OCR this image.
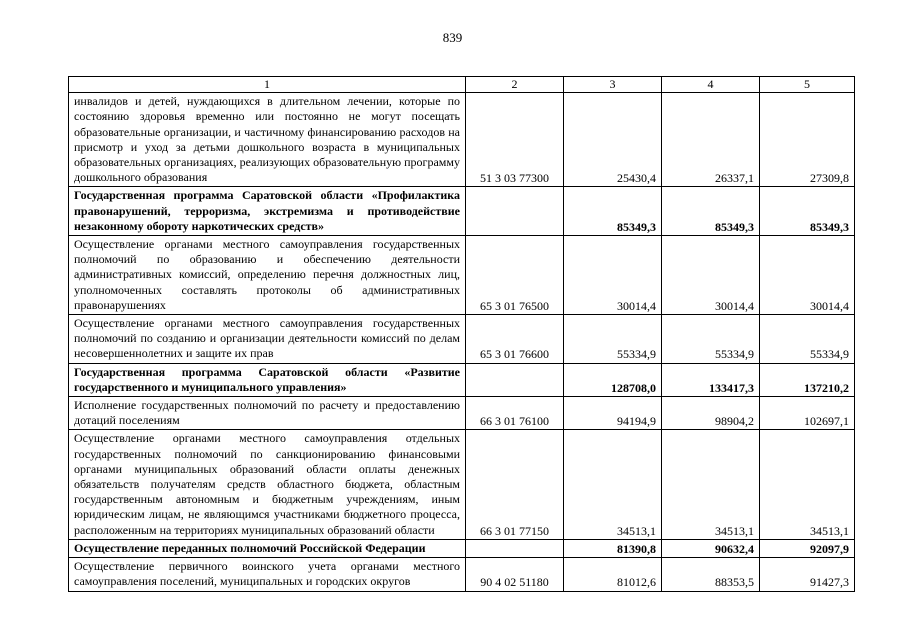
839
1	2	3	4	5
инвалидов и детей, нуждающихся в длительном лечении, которые по состоянию здоровья временно или постоянно не могут посещать образовательные организации, и частичному финансированию расходов на присмотр и уход за детьми дошкольного возраста в муниципальных образовательных организациях, реализующих образовательную программу дошкольного образования	51 3 03 77300	25430,4	26337,1	27309,8
Государственная программа Саратовской области «Профилактика правонарушений, терроризма, экстремизма и противодействие незаконному обороту наркотических средств»		85349,3	85349,3	85349,3
Осуществление органами местного самоуправления государственных полномочий по образованию и обеспечению деятельности административных комиссий, определению перечня должностных лиц, уполномоченных составлять протоколы об административных правонарушениях	65 3 01 76500	30014,4	30014,4	30014,4
Осуществление органами местного самоуправления государственных полномочий по созданию и организации деятельности комиссий по делам несовершеннолетних и защите их прав	65 3 01 76600	55334,9	55334,9	55334,9
Государственная программа Саратовской области «Развитие государственного и муниципального управления»		128708,0	133417,3	137210,2
Исполнение государственных полномочий по расчету и предоставлению дотаций поселениям	66 3 01 76100	94194,9	98904,2	102697,1
Осуществление органами местного самоуправления отдельных государственных полномочий по санкционированию финансовыми органами муниципальных образований области оплаты денежных обязательств получателям средств областного бюджета, областным государственным автономным и бюджетным учреждениям, иным юридическим лицам, не являющимся участниками бюджетного процесса, расположенным на территориях муниципальных образований области	66 3 01 77150	34513,1	34513,1	34513,1
Осуществление переданных полномочий Российской Федерации		81390,8	90632,4	92097,9
Осуществление первичного воинского учета органами местного самоуправления поселений, муниципальных и городских округов	90 4 02 51180	81012,6	88353,5	91427,3
